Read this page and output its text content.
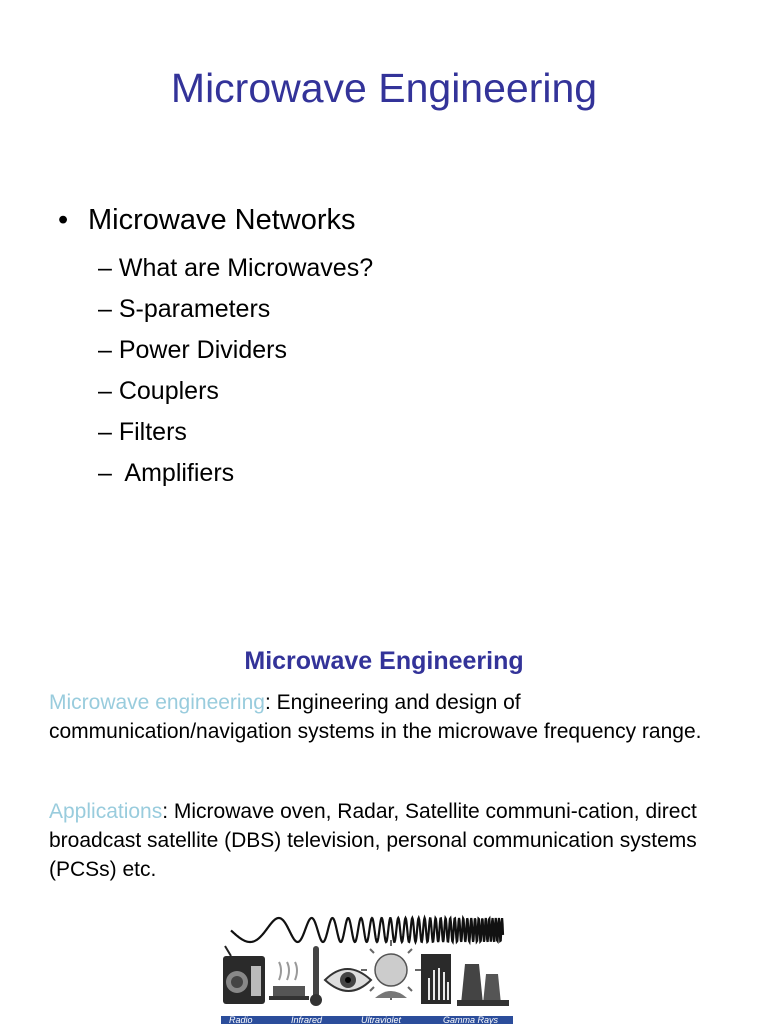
Microwave Engineering
• Microwave Networks
– What are Microwaves?
– S-parameters
– Power Dividers
– Couplers
– Filters
–  Amplifiers
Microwave Engineering

Microwave engineering: Engineering and design of communication/navigation systems in the microwave frequency range.

Applications: Microwave oven, Radar, Satellite communi-cation, direct broadcast satellite (DBS) television, personal communication systems (PCSs) etc.

Radio	Infrared	Ultraviolet	Gamma Rays
